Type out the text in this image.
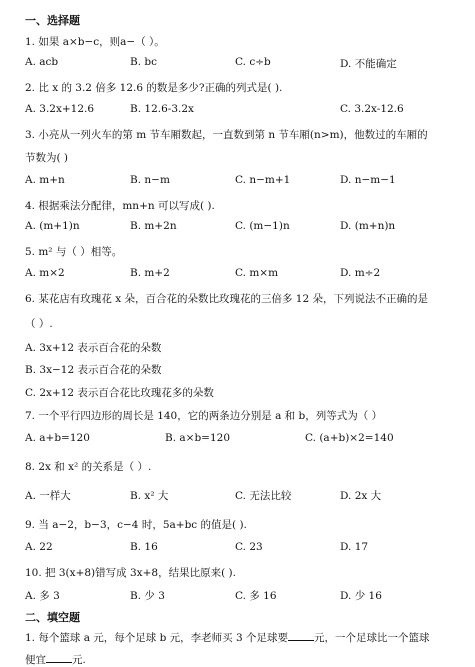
一、选择题
1. 如果 a×b−c，则a−（ ）。
A. acb	B. bc	C. c÷b	D. 不能确定
2. 比 x 的 3.2 倍多 12.6 的数是多少?正确的列式是( ).
A. 3.2x+12.6	B. 12.6-3.2x	C. 3.2x-12.6
3. 小亮从一列火车的第 m 节车厢数起，一直数到第 n 节车厢(n>m)，他数过的车厢的
节数为( )
A. m+n	B. n−m	C. n−m+1	D. n−m−1
4. 根据乘法分配律，mn+n 可以写成( ).
A. (m+1)n	B. m+2n	C. (m−1)n	D. (m+n)n
5. m² 与（ ）相等。
A. m×2	B. m+2	C. m×m	D. m÷2
6. 某花店有玫瑰花 x 朵，百合花的朵数比玫瑰花的三倍多 12 朵，下列说法不正确的是
（ ）.
A. 3x+12 表示百合花的朵数
B. 3x−12 表示百合花的朵数
C. 2x+12 表示百合花比玫瑰花多的朵数
7. 一个平行四边形的周长是 140，它的两条边分别是 a 和 b，列等式为（ ）
A. a+b=120	B. a×b=120	C. (a+b)×2=140
8. 2x 和 x² 的关系是（ ）.
A. 一样大	B. x² 大	C. 无法比较	D. 2x 大
9. 当 a−2，b−3，c−4 时，5a+bc 的值是( ).
A. 22	B. 16	C. 23	D. 17
10. 把 3(x+8)错写成 3x+8，结果比原来( ).
A. 多 3	B. 少 3	C. 多 16	D. 少 16
二、填空题
1. 每个篮球 a 元，每个足球 b 元，李老师买 3 个足球要 元，一个足球比一个篮球
便宜 元.
